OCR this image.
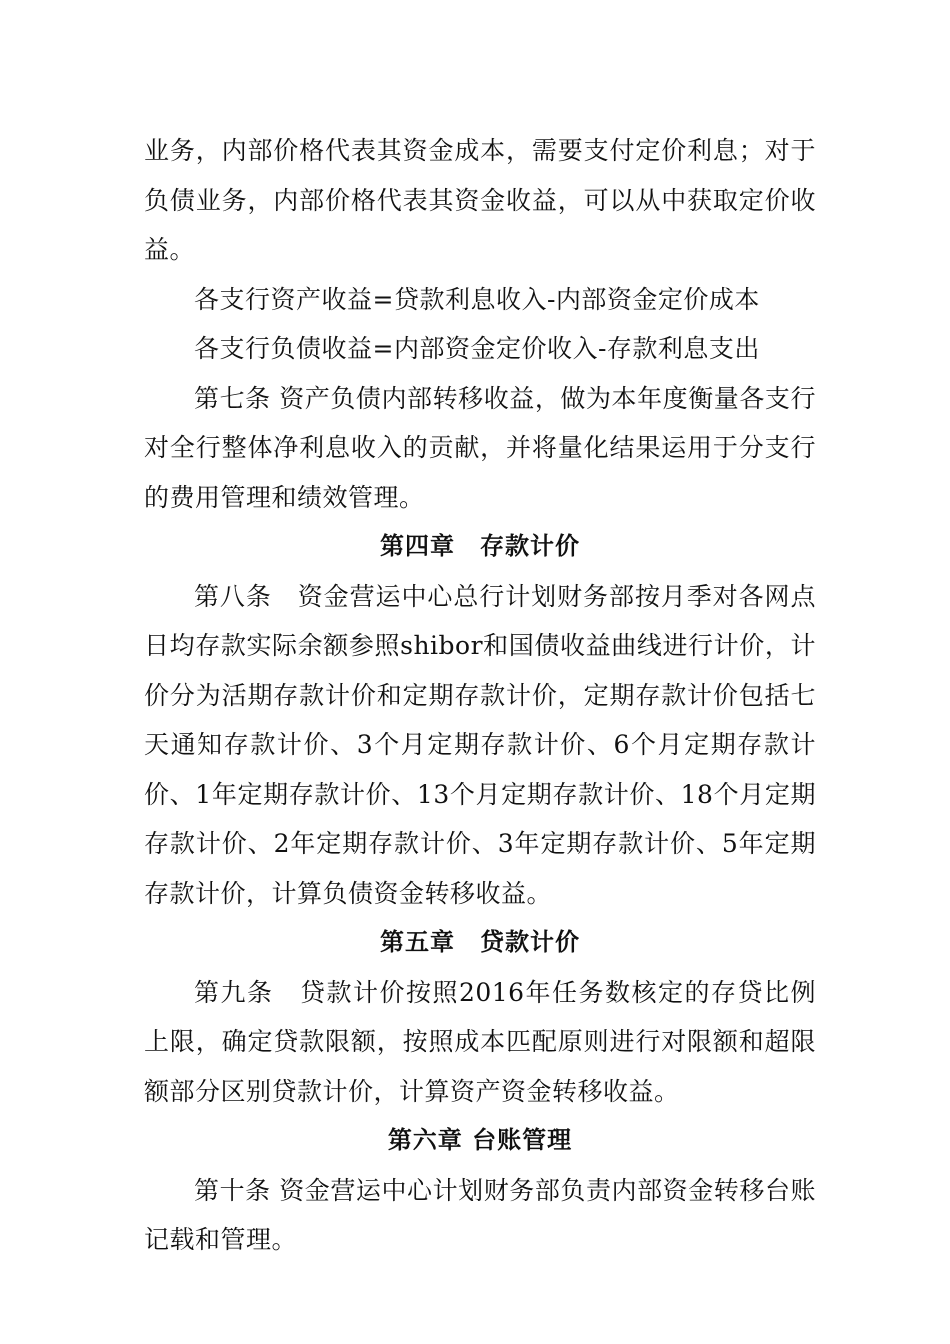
业务，内部价格代表其资金成本，需要支付定价利息；对于负债业务，内部价格代表其资金收益，可以从中获取定价收益。

各支行资产收益=贷款利息收入-内部资金定价成本

各支行负债收益=内部资金定价收入-存款利息支出

第七条 资产负债内部转移收益，做为本年度衡量各支行对全行整体净利息收入的贡献，并将量化结果运用于分支行的费用管理和绩效管理。

第四章　存款计价

第八条　资金营运中心总行计划财务部按月季对各网点日均存款实际余额参照shibor和国债收益曲线进行计价，计价分为活期存款计价和定期存款计价，定期存款计价包括七天通知存款计价、3个月定期存款计价、6个月定期存款计价、1年定期存款计价、13个月定期存款计价、18个月定期存款计价、2年定期存款计价、3年定期存款计价、5年定期存款计价，计算负债资金转移收益。

第五章　贷款计价

第九条　贷款计价按照2016年任务数核定的存贷比例上限，确定贷款限额，按照成本匹配原则进行对限额和超限额部分区别贷款计价，计算资产资金转移收益。

第六章 台账管理

第十条 资金营运中心计划财务部负责内部资金转移台账记载和管理。
